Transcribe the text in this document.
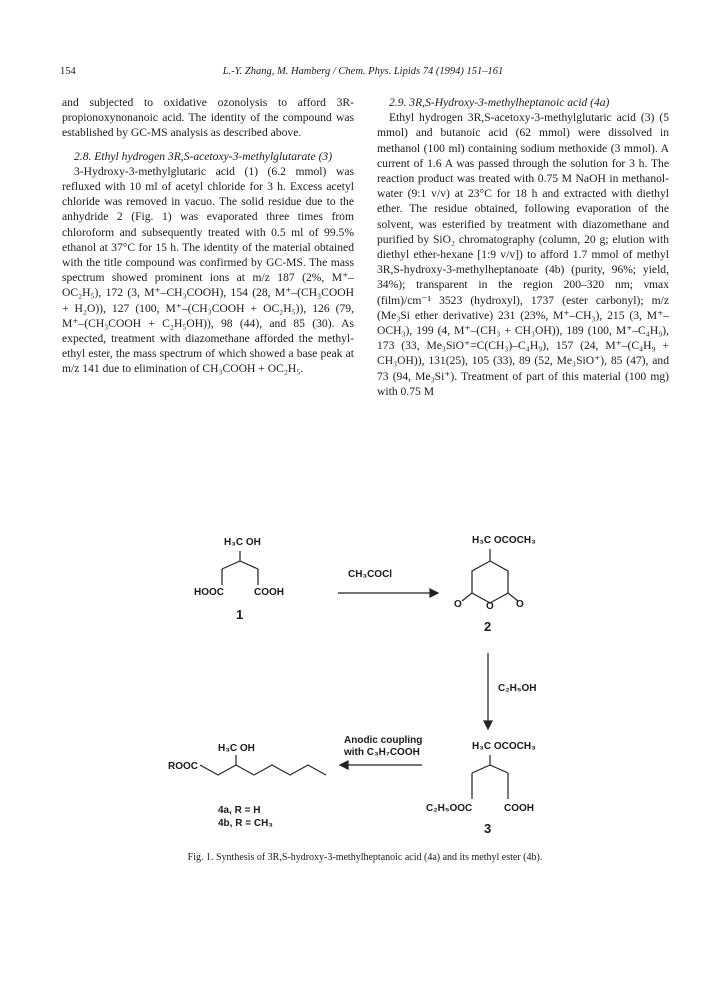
154	L.-Y. Zhang, M. Hamberg / Chem. Phys. Lipids 74 (1994) 151–161

and subjected to oxidative ozonolysis to afford 3R-propionoxynonanoic acid. The identity of the compound was established by GC-MS analysis as described above.

2.8. Ethyl hydrogen 3R,S-acetoxy-3-methylglutarate (3)

3-Hydroxy-3-methylglutaric acid (1) (6.2 mmol) was refluxed with 10 ml of acetyl chloride for 3 h. Excess acetyl chloride was removed in vacuo. The solid residue due to the anhydride 2 (Fig. 1) was evaporated three times from chloroform and subsequently treated with 0.5 ml of 99.5% ethanol at 37°C for 15 h. The identity of the material obtained with the title compound was confirmed by GC-MS. The mass spectrum showed prominent ions at m/z 187 (2%, M⁺–OC₂H₅), 172 (3, M⁺–CH₃COOH), 154 (28, M⁺–(CH₃COOH + H₂O)), 127 (100, M⁺–(CH₃COOH + OC₂H₅)), 126 (79, M⁺–(CH₃COOH + C₂H₅OH)), 98 (44), and 85 (30). As expected, treatment with diazomethane afforded the methyl-ethyl ester, the mass spectrum of which showed a base peak at m/z 141 due to elimination of CH₃COOH + OC₂H₅.

2.9. 3R,S-Hydroxy-3-methylheptanoic acid (4a)

Ethyl hydrogen 3R,S-acetoxy-3-methylglutaric acid (3) (5 mmol) and butanoic acid (62 mmol) were dissolved in methanol (100 ml) containing sodium methoxide (3 mmol). A current of 1.6 A was passed through the solution for 3 h. The reaction product was treated with 0.75 M NaOH in methanol-water (9:1 v/v) at 23°C for 18 h and extracted with diethyl ether. The residue obtained, following evaporation of the solvent, was esterified by treatment with diazomethane and purified by SiO₂ chromatography (column, 20 g; elution with diethyl ether-hexane [1:9 v/v]) to afford 1.7 mmol of methyl 3R,S-hydroxy-3-methylheptanoate (4b) (purity, 96%; yield, 34%); transparent in the region 200–320 nm; νmax (film)/cm⁻¹ 3523 (hydroxyl), 1737 (ester carbonyl); m/z (Me₃Si ether derivative) 231 (23%, M⁺–CH₃), 215 (3, M⁺–OCH₃), 199 (4, M⁺–(CH₃ + CH₃OH)), 189 (100, M⁺–C₄H₉), 173 (33, Me₃SiO⁺=C(CH₃)–C₄H₉), 157 (24, M⁺–(C₄H₉ + CH₃OH)), 131(25), 105 (33), 89 (52, Me₃SiO⁺), 85 (47), and 73 (94, Me₃Si⁺). Treatment of part of this material (100 mg) with 0.75 M

H₃C OH
HOOC	COOH
1
CH₃COCl
H₃C OCOCH₃
O O O
2
C₂H₅OH
H₃C OCOCH₃
C₂H₅OOC	COOH
3
Anodic coupling
with C₃H₇COOH
H₃C OH
ROOC
4a, R = H
4b, R = CH₃
Fig. 1. Synthesis of 3R,S-hydroxy-3-methylheptanoic acid (4a) and its methyl ester (4b).
